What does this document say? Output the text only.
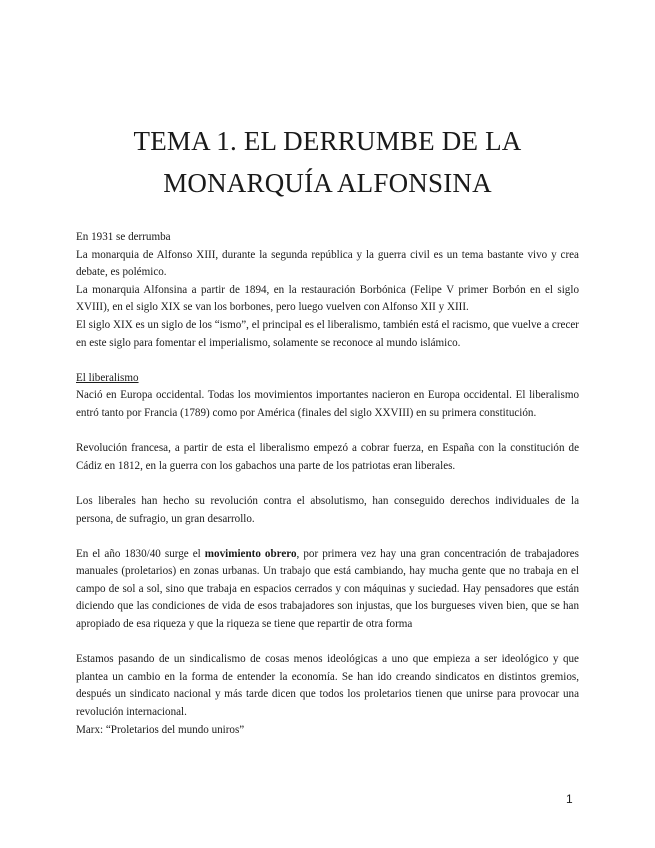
TEMA 1. EL DERRUMBE DE LA
MONARQUÍA ALFONSINA

En 1931 se derrumba

La monarquia de Alfonso XIII, durante la segunda república y la guerra civil es un tema bastante vivo y crea debate, es polémico.

La monarquia Alfonsina a partir de 1894, en la restauración Borbónica (Felipe V primer Borbón en el siglo XVIII), en el siglo XIX se van los borbones, pero luego vuelven con Alfonso XII y XIII.

El siglo XIX es un siglo de los “ismo”, el principal es el liberalismo, también está el racismo, que vuelve a crecer en este siglo para fomentar el imperialismo, solamente se reconoce al mundo islámico.

El liberalismo

Nació en Europa occidental. Todas los movimientos importantes nacieron en Europa occidental. El liberalismo entró tanto por Francia (1789) como por América (finales del siglo XXVIII) en su primera constitución.

Revolución francesa, a partir de esta el liberalismo empezó a cobrar fuerza, en España con la constitución de Cádiz en 1812, en la guerra con los gabachos una parte de los patriotas eran liberales.

Los liberales han hecho su revolución contra el absolutismo, han conseguido derechos individuales de la persona, de sufragio, un gran desarrollo.

En el año 1830/40 surge el movimiento obrero, por primera vez hay una gran concentración de trabajadores manuales (proletarios) en zonas urbanas. Un trabajo que está cambiando, hay mucha gente que no trabaja en el campo de sol a sol, sino que trabaja en espacios cerrados y con máquinas y suciedad. Hay pensadores que están diciendo que las condiciones de vida de esos trabajadores son injustas, que los burgueses viven bien, que se han apropiado de esa riqueza y que la riqueza se tiene que repartir de otra forma

Estamos pasando de un sindicalismo de cosas menos ideológicas a uno que empieza a ser ideológico y que plantea un cambio en la forma de entender la economía. Se han ido creando sindicatos en distintos gremios, después un sindicato nacional y más tarde dicen que todos los proletarios tienen que unirse para provocar una revolución internacional.

Marx: “Proletarios del mundo uniros”

1
